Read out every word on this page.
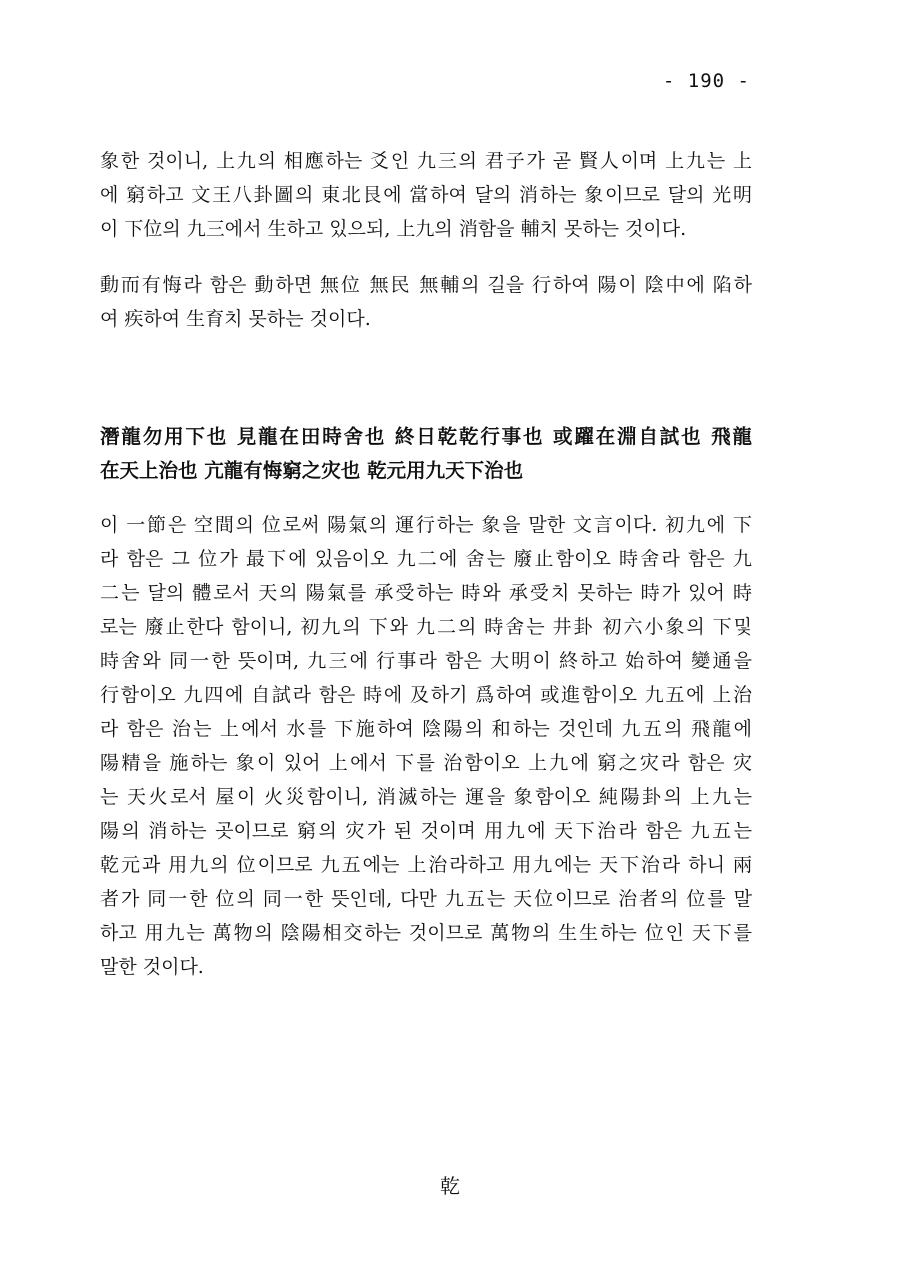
- 190 -
象한 것이니, 上九의 相應하는 爻인 九三의 君子가 곧 賢人이며 上九는 上
에 窮하고 文王八卦圖의 東北艮에 當하여 달의 消하는 象이므로 달의 光明
이 下位의 九三에서 生하고 있으되, 上九의 消함을 輔치 못하는 것이다.
動而有悔라 함은 動하면 無位 無民 無輔의 길을 行하여 陽이 陰中에 陷하
여 疾하여 生育치 못하는 것이다.
潛龍勿用下也 見龍在田時舍也 終日乾乾行事也 或躍在淵自試也 飛龍
在天上治也 亢龍有悔窮之灾也 乾元用九天下治也
이 一節은 空間의 位로써 陽氣의 運行하는 象을 말한 文言이다. 初九에 下
라 함은 그 位가 最下에 있음이오 九二에 舍는 廢止함이오 時舍라 함은 九
二는 달의 體로서 天의 陽氣를 承受하는 時와 承受치 못하는 時가 있어 時
로는 廢止한다 함이니, 初九의 下와 九二의 時舍는 井卦 初六小象의 下및
時舍와 同一한 뜻이며, 九三에 行事라 함은 大明이 終하고 始하여 變通을
行함이오 九四에 自試라 함은 時에 及하기 爲하여 或進함이오 九五에 上治
라 함은 治는 上에서 水를 下施하여 陰陽의 和하는 것인데 九五의 飛龍에
陽精을 施하는 象이 있어 上에서 下를 治함이오 上九에 窮之灾라 함은 灾
는 天火로서 屋이 火災함이니, 消滅하는 運을 象함이오 純陽卦의 上九는
陽의 消하는 곳이므로 窮의 灾가 된 것이며 用九에 天下治라 함은 九五는
乾元과 用九의 位이므로 九五에는 上治라하고 用九에는 天下治라 하니 兩
者가 同一한 位의 同一한 뜻인데, 다만 九五는 天位이므로 治者의 位를 말
하고 用九는 萬物의 陰陽相交하는 것이므로 萬物의 生生하는 位인 天下를
말한 것이다.
乾
